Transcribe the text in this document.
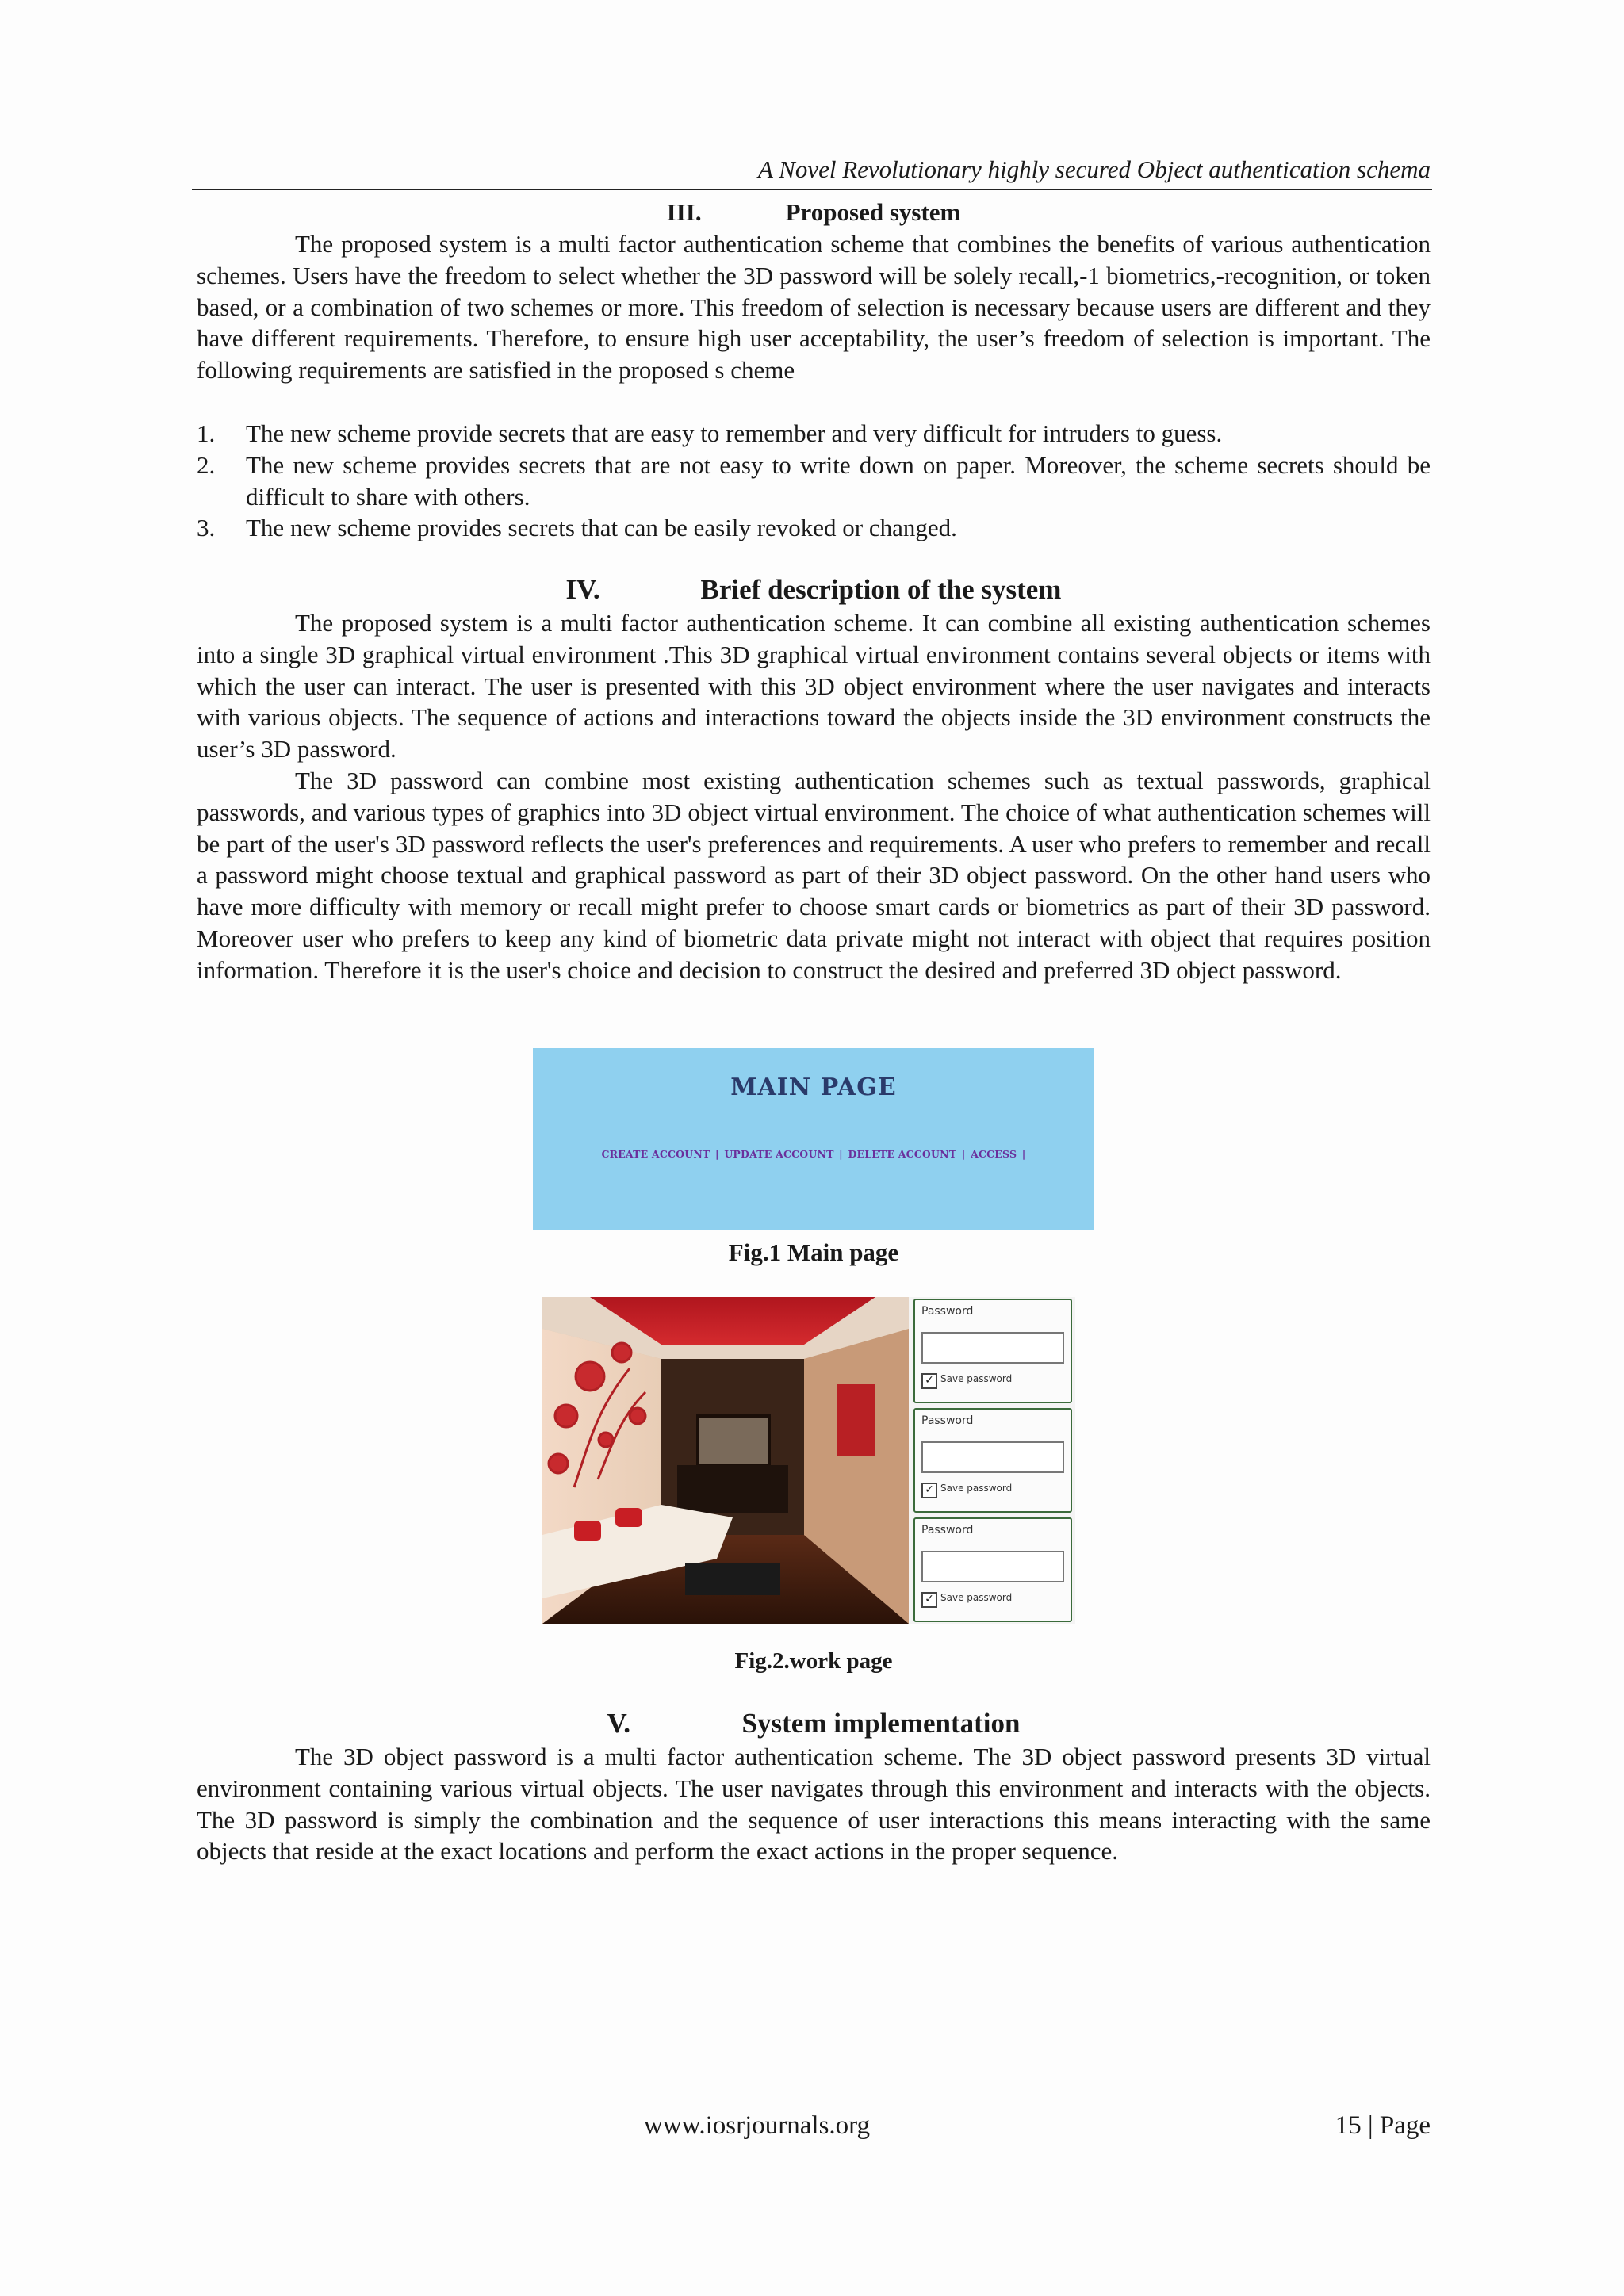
A Novel Revolutionary highly secured Object authentication schema
III.	Proposed system

The proposed system is a multi factor authentication scheme that combines the benefits of various authentication schemes. Users have the freedom to select whether the 3D password will be solely recall,-1 biometrics,-recognition, or token based, or a combination of two schemes or more. This freedom of selection is necessary because users are different and they have different requirements. Therefore, to ensure high user acceptability, the user’s freedom of selection is important. The following requirements are satisfied in the proposed s cheme

1. The new scheme provide secrets that are easy to remember and very difficult for intruders to guess.
2. The new scheme provides secrets that are not easy to write down on paper. Moreover, the scheme secrets should be difficult to share with others.
3. The new scheme provides secrets that can be easily revoked or changed.
IV.	Brief description of the system

The proposed system is a multi factor authentication scheme. It can combine all existing authentication schemes into a single 3D graphical virtual environment .This 3D graphical virtual environment contains several objects or items with which the user can interact. The user is presented with this 3D object environment where the user navigates and interacts with various objects. The sequence of actions and interactions toward the objects inside the 3D environment constructs the user’s 3D password.

The 3D password can combine most existing authentication schemes such as textual passwords, graphical passwords, and various types of graphics into 3D object virtual environment. The choice of what authentication schemes will be part of the user's 3D password reflects the user's preferences and requirements. A user who prefers to remember and recall a password might choose textual and graphical password as part of their 3D object password. On the other hand users who have more difficulty with memory or recall might prefer to choose smart cards or biometrics as part of their 3D password. Moreover user who prefers to keep any kind of biometric data private might not interact with object that requires position information. Therefore it is the user's choice and decision to construct the desired and preferred 3D object password.

MAIN PAGE
CREATE ACCOUNT | UPDATE ACCOUNT | DELETE ACCOUNT | ACCESS |
Fig.1 Main page
Password
✓ Save password
Password
✓ Save password
Password
✓ Save password
Fig.2.work page
V.	System implementation

The 3D object password is a multi factor authentication scheme. The 3D object password presents 3D virtual environment containing various virtual objects. The user navigates through this environment and interacts with the objects. The 3D password is simply the combination and the sequence of user interactions this means interacting with the same objects that reside at the exact locations and perform the exact actions in the proper sequence.

www.iosrjournals.org	15 | Page
